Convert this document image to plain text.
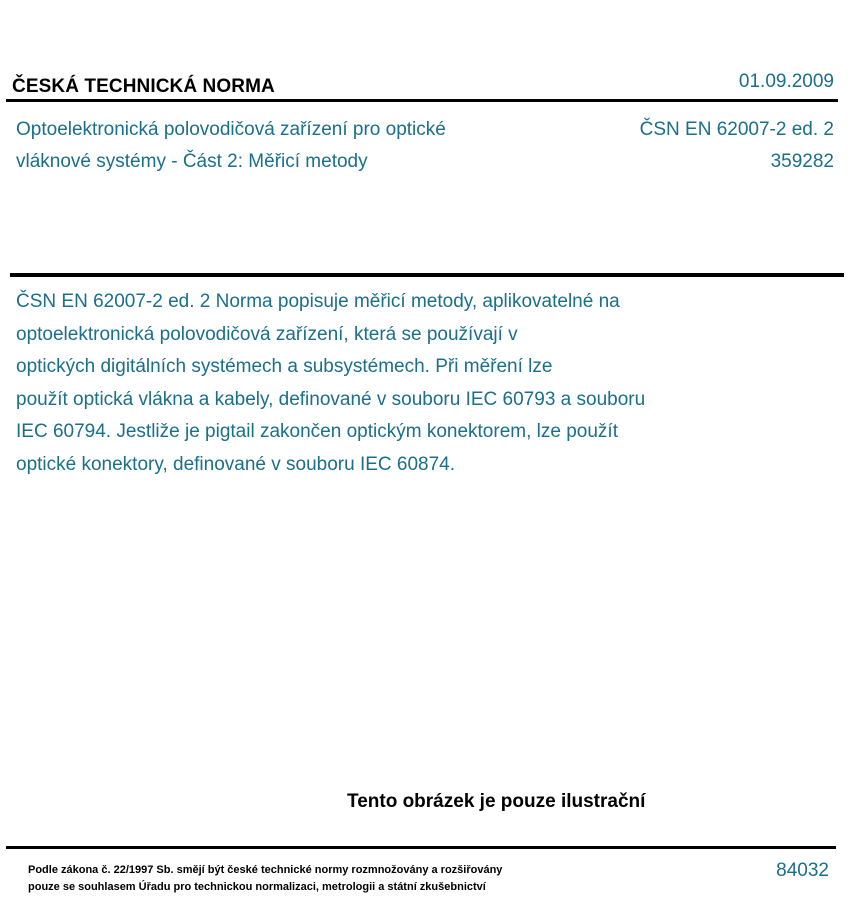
ČESKÁ TECHNICKÁ NORMA	01.09.2009
Optoelektronická polovodičová zařízení pro optické
vláknové systémy - Část 2: Měřicí metody
ČSN EN 62007-2 ed. 2
359282
ČSN EN 62007-2 ed. 2 Norma popisuje měřicí metody, aplikovatelné na
optoelektronická polovodičová zařízení, která se používají v
optických digitálních systémech a subsystémech. Při měření lze
použít optická vlákna a kabely, definované v souboru IEC 60793 a souboru
IEC 60794. Jestliže je pigtail zakončen optickým konektorem, lze použít
optické konektory, definované v souboru IEC 60874.
Tento obrázek je pouze ilustrační
Podle zákona č. 22/1997 Sb. smějí být české technické normy rozmnožovány a rozšiřovány
pouze se souhlasem Úřadu pro technickou normalizaci, metrologii a státní zkušebnictví
84032
